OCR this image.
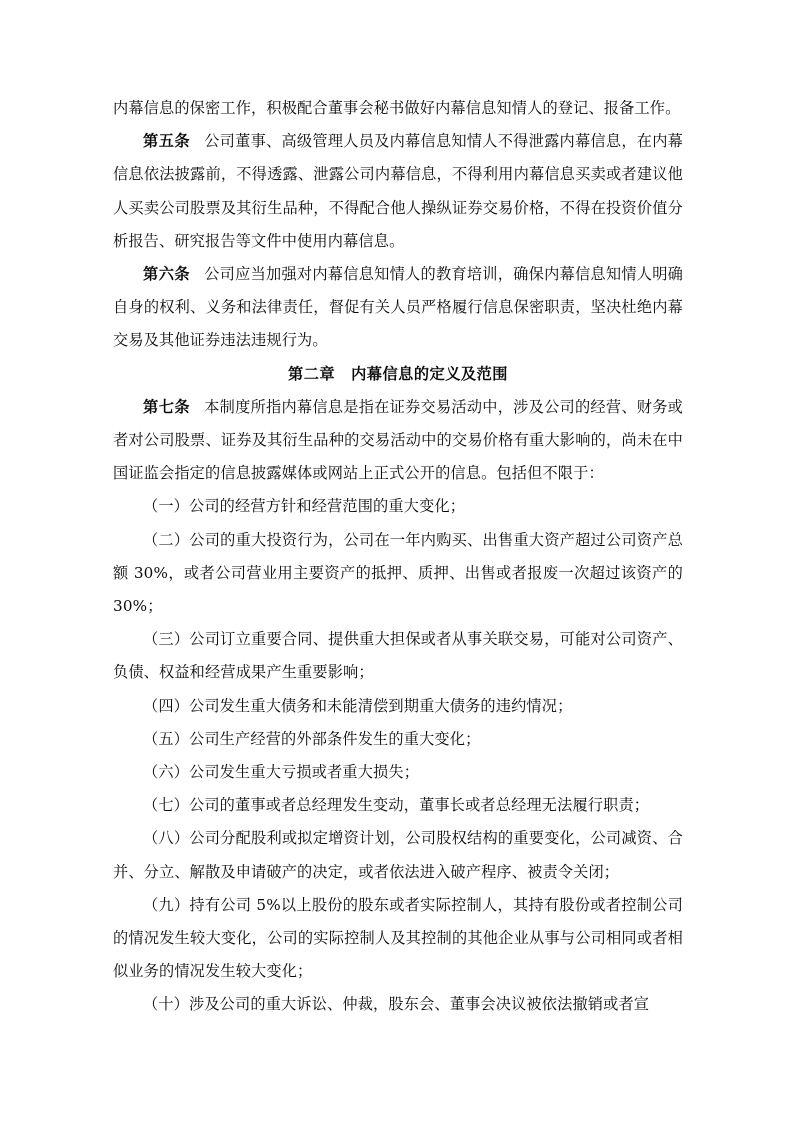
内幕信息的保密工作，积极配合董事会秘书做好内幕信息知情人的登记、报备工作。

第五条 公司董事、高级管理人员及内幕信息知情人不得泄露内幕信息，在内幕信息依法披露前，不得透露、泄露公司内幕信息，不得利用内幕信息买卖或者建议他人买卖公司股票及其衍生品种，不得配合他人操纵证券交易价格，不得在投资价值分析报告、研究报告等文件中使用内幕信息。

第六条 公司应当加强对内幕信息知情人的教育培训，确保内幕信息知情人明确自身的权利、义务和法律责任，督促有关人员严格履行信息保密职责，坚决杜绝内幕交易及其他证券违法违规行为。

第二章 内幕信息的定义及范围

第七条 本制度所指内幕信息是指在证券交易活动中，涉及公司的经营、财务或者对公司股票、证券及其衍生品种的交易活动中的交易价格有重大影响的，尚未在中国证监会指定的信息披露媒体或网站上正式公开的信息。包括但不限于：

（一）公司的经营方针和经营范围的重大变化；

（二）公司的重大投资行为，公司在一年内购买、出售重大资产超过公司资产总额 30%，或者公司营业用主要资产的抵押、质押、出售或者报废一次超过该资产的 30%；

（三）公司订立重要合同、提供重大担保或者从事关联交易，可能对公司资产、负债、权益和经营成果产生重要影响；

（四）公司发生重大债务和未能清偿到期重大债务的违约情况；

（五）公司生产经营的外部条件发生的重大变化；

（六）公司发生重大亏损或者重大损失；

（七）公司的董事或者总经理发生变动，董事长或者总经理无法履行职责；

（八）公司分配股利或拟定增资计划，公司股权结构的重要变化，公司减资、合并、分立、解散及申请破产的决定，或者依法进入破产程序、被责令关闭；

（九）持有公司 5%以上股份的股东或者实际控制人，其持有股份或者控制公司的情况发生较大变化，公司的实际控制人及其控制的其他企业从事与公司相同或者相似业务的情况发生较大变化；

（十）涉及公司的重大诉讼、仲裁，股东会、董事会决议被依法撤销或者宣
